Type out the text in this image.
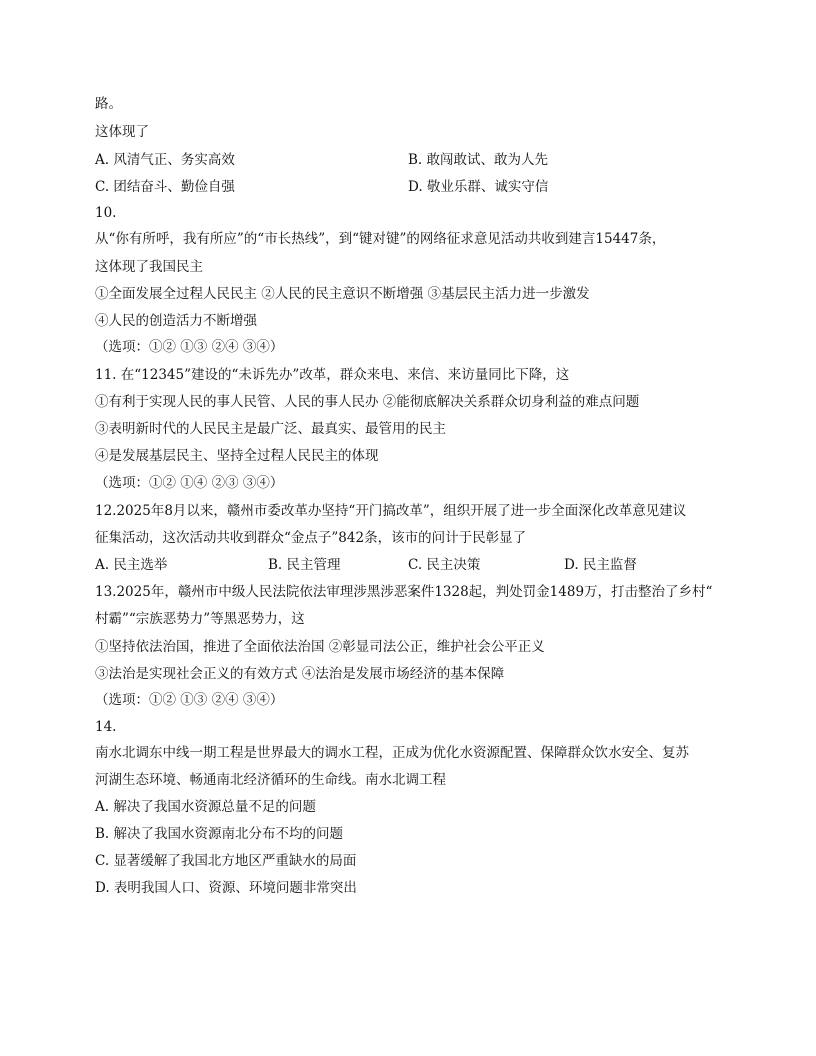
路。
这体现了
A. 风清气正、务实高效	B. 敢闯敢试、敢为人先
C. 团结奋斗、勤俭自强	D. 敬业乐群、诚实守信
10.
从“你有所呼，我有所应”的“市长热线”，到“键对键”的网络征求意见活动共收到建言15447条，
这体现了我国民主
①全面发展全过程人民民主 ②人民的民主意识不断增强 ③基层民主活力进一步激发
④人民的创造活力不断增强
（选项：①② ①③ ②④ ③④）
11. 在“12345”建设的“未诉先办”改革，群众来电、来信、来访量同比下降，这
①有利于实现人民的事人民管、人民的事人民办 ②能彻底解决关系群众切身利益的难点问题
③表明新时代的人民民主是最广泛、最真实、最管用的民主
④是发展基层民主、坚持全过程人民民主的体现
（选项：①② ①④ ②③ ③④）
12.2025年8月以来，赣州市委改革办坚持“开门搞改革”，组织开展了进一步全面深化改革意见建议
征集活动，这次活动共收到群众“金点子”842条，该市的问计于民彰显了
A. 民主选举	B. 民主管理	C. 民主决策	D. 民主监督
13.2025年，赣州市中级人民法院依法审理涉黑涉恶案件1328起，判处罚金1489万，打击整治了乡村“
村霸”“宗族恶势力”等黑恶势力，这
①坚持依法治国，推进了全面依法治国 ②彰显司法公正，维护社会公平正义
③法治是实现社会正义的有效方式 ④法治是发展市场经济的基本保障
（选项：①② ①③ ②④ ③④）
14.
南水北调东中线一期工程是世界最大的调水工程，正成为优化水资源配置、保障群众饮水安全、复苏
河湖生态环境、畅通南北经济循环的生命线。南水北调工程
A. 解决了我国水资源总量不足的问题
B. 解决了我国水资源南北分布不均的问题
C. 显著缓解了我国北方地区严重缺水的局面
D. 表明我国人口、资源、环境问题非常突出
